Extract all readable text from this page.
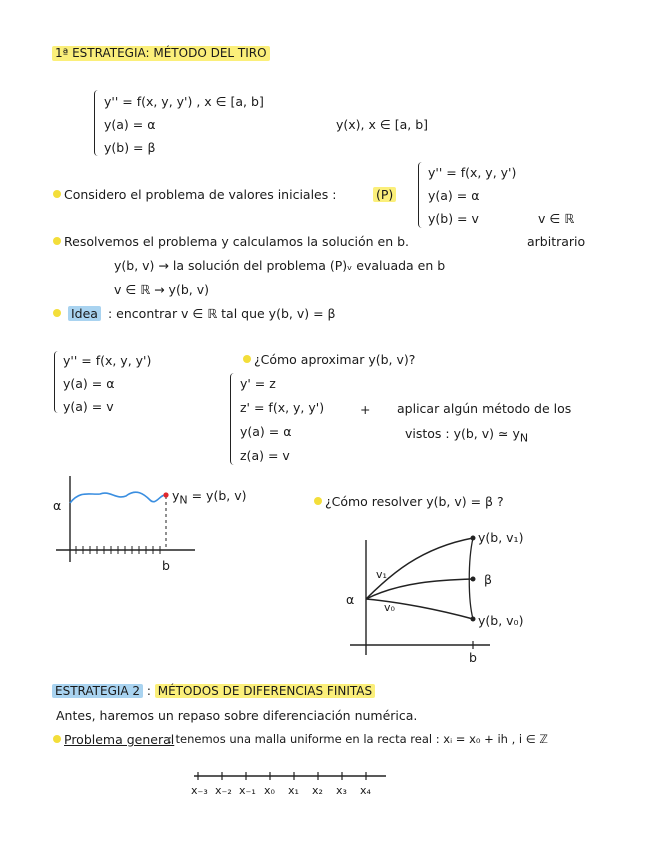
1ª ESTRATEGIA: MÉTODO DEL TIRO
y'' = f(x, y, y') , x ∈ [a, b]
y(a) = α
y(b) = β
y(x), x ∈ [a, b]
Considero el problema de valores iniciales :	(P)
y'' = f(x, y, y')
y(a) = α
y(b) = v	v ∈ ℝ
Resolvemos el problema y calculamos la solución en b.	arbitrario
y(b, v) → la solución del problema (P)ᵥ evaluada en b
v ∈ ℝ → y(b, v)
Idea : encontrar v ∈ ℝ tal que y(b, v) = β
y'' = f(x, y, y')
y(a) = α
y(a) = v
¿Cómo aproximar y(b, v)?
y' = z
z' = f(x, y, y')
y(a) = α
z(a) = v
+ aplicar algún método de los
vistos : y(b, v) ≃ $y_N$
α
b
$y_N = y(b$, v)	¿Cómo resolver y(b, v) = β ?
α
v₁
v₀
y(b, v₁)
β
y(b, v₀)
b
ESTRATEGIA 2 : MÉTODOS DE DIFERENCIAS FINITAS
Antes, haremos un repaso sobre diferenciación numérica.
Problema general
: tenemos una malla uniforme en la recta real : xᵢ = x₀ + ih , i ∈ ℤ
x₋₃ x₋₂ x₋₁ x₀ x₁ x₂ x₃ x₄
